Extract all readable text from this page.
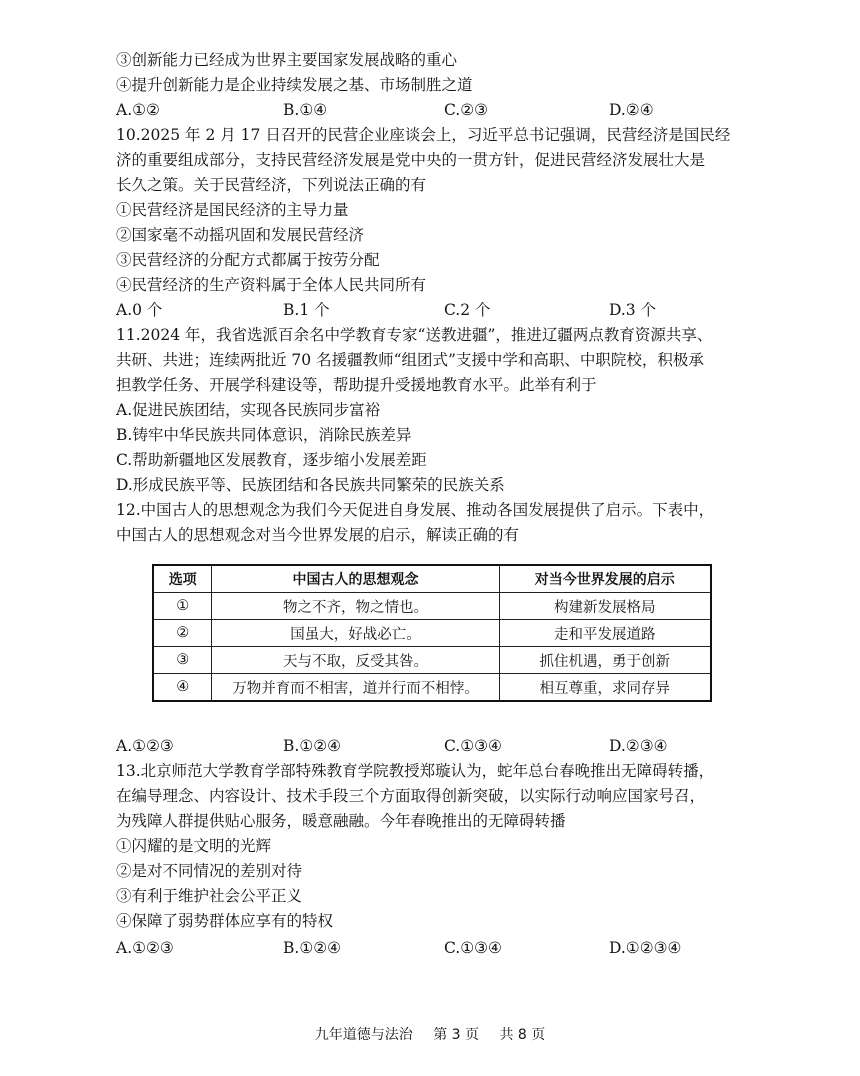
③创新能力已经成为世界主要国家发展战略的重心
④提升创新能力是企业持续发展之基、市场制胜之道
A.①②	B.①④	C.②③	D.②④
10.2025 年 2 月 17 日召开的民营企业座谈会上，习近平总书记强调，民营经济是国民经
济的重要组成部分，支持民营经济发展是党中央的一贯方针，促进民营经济发展壮大是
长久之策。关于民营经济，下列说法正确的有
①民营经济是国民经济的主导力量
②国家毫不动摇巩固和发展民营经济
③民营经济的分配方式都属于按劳分配
④民营经济的生产资料属于全体人民共同所有
A.0 个	B.1 个	C.2 个	D.3 个
11.2024 年，我省选派百余名中学教育专家“送教进疆”，推进辽疆两点教育资源共享、
共研、共进；连续两批近 70 名援疆教师“组团式”支援中学和高职、中职院校，积极承
担教学任务、开展学科建设等，帮助提升受援地教育水平。此举有利于
A.促进民族团结，实现各民族同步富裕
B.铸牢中华民族共同体意识，消除民族差异
C.帮助新疆地区发展教育，逐步缩小发展差距
D.形成民族平等、民族团结和各民族共同繁荣的民族关系
12.中国古人的思想观念为我们今天促进自身发展、推动各国发展提供了启示。下表中，
中国古人的思想观念对当今世界发展的启示，解读正确的有
选项	中国古人的思想观念	对当今世界发展的启示
①	物之不齐，物之情也。	构建新发展格局
②	国虽大，好战必亡。	走和平发展道路
③	天与不取，反受其咎。	抓住机遇，勇于创新
④	万物并育而不相害，道并行而不相悖。	相互尊重，求同存异
A.①②③	B.①②④	C.①③④	D.②③④
13.北京师范大学教育学部特殊教育学院教授郑璇认为，蛇年总台春晚推出无障碍转播，
在编导理念、内容设计、技术手段三个方面取得创新突破，以实际行动响应国家号召，
为残障人群提供贴心服务，暖意融融。今年春晚推出的无障碍转播
①闪耀的是文明的光辉
②是对不同情况的差别对待
③有利于维护社会公平正义
④保障了弱势群体应享有的特权
A.①②③	B.①②④	C.①③④	D.①②③④
九年道德与法治 第 3 页 共 8 页
